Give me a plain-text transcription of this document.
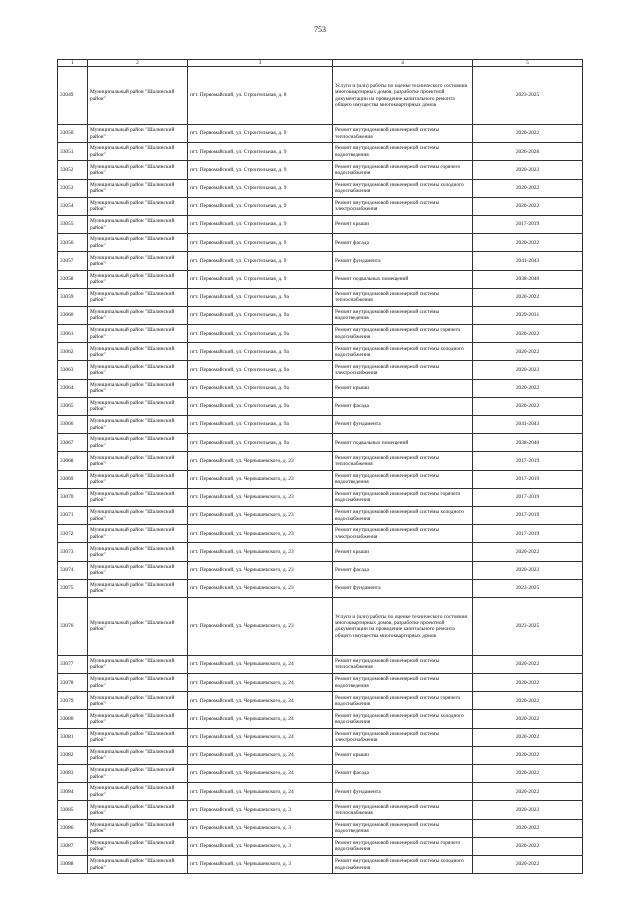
753
1	2	3	4	5
33049	Муниципальный район "Шалинский район"	пгт. Первомайский, ул. Строительная, д. 8	Услуги и (или) работы по оценке технического состояния многоквартирных домов, разработке проектной документации на проведение капитального ремонта общего имущества многоквартирных домов	2023-2025
33050	Муниципальный район "Шалинский район"	пгт. Первомайский, ул. Строительная, д. 9	Ремонт внутридомовой инженерной системы теплоснабжения	2020-2022
33051	Муниципальный район "Шалинский район"	пгт. Первомайский, ул. Строительная, д. 9	Ремонт внутридомовой инженерной системы водоотведения	2026-2028
33052	Муниципальный район "Шалинский район"	пгт. Первомайский, ул. Строительная, д. 9	Ремонт внутридомовой инженерной системы горячего водоснабжения	2020-2022
33053	Муниципальный район "Шалинский район"	пгт. Первомайский, ул. Строительная, д. 9	Ремонт внутридомовой инженерной системы холодного водоснабжения	2020-2022
33054	Муниципальный район "Шалинский район"	пгт. Первомайский, ул. Строительная, д. 9	Ремонт внутридомовой инженерной системы электроснабжения	2020-2022
33055	Муниципальный район "Шалинский район"	пгт. Первомайский, ул. Строительная, д. 9	Ремонт крыши	2017-2019
33056	Муниципальный район "Шалинский район"	пгт. Первомайский, ул. Строительная, д. 9	Ремонт фасада	2020-2022
33057	Муниципальный район "Шалинский район"	пгт. Первомайский, ул. Строительная, д. 9	Ремонт фундамента	2041-2043
33058	Муниципальный район "Шалинский район"	пгт. Первомайский, ул. Строительная, д. 9	Ремонт подвальных помещений	2038-2040
33059	Муниципальный район "Шалинский район"	пгт. Первомайский, ул. Строительная, д. 9а	Ремонт внутридомовой инженерной системы теплоснабжения	2020-2022
33060	Муниципальный район "Шалинский район"	пгт. Первомайский, ул. Строительная, д. 9а	Ремонт внутридомовой инженерной системы водоотведения	2029-2031
33061	Муниципальный район "Шалинский район"	пгт. Первомайский, ул. Строительная, д. 9а	Ремонт внутридомовой инженерной системы горячего водоснабжения	2020-2022
33062	Муниципальный район "Шалинский район"	пгт. Первомайский, ул. Строительная, д. 9а	Ремонт внутридомовой инженерной системы холодного водоснабжения	2020-2022
33063	Муниципальный район "Шалинский район"	пгт. Первомайский, ул. Строительная, д. 9а	Ремонт внутридомовой инженерной системы электроснабжения	2020-2022
33064	Муниципальный район "Шалинский район"	пгт. Первомайский, ул. Строительная, д. 9а	Ремонт крыши	2020-2022
33065	Муниципальный район "Шалинский район"	пгт. Первомайский, ул. Строительная, д. 9а	Ремонт фасада	2020-2022
33066	Муниципальный район "Шалинский район"	пгт. Первомайский, ул. Строительная, д. 9а	Ремонт фундамента	2041-2043
33067	Муниципальный район "Шалинский район"	пгт. Первомайский, ул. Строительная, д. 9а	Ремонт подвальных помещений	2038-2040
33068	Муниципальный район "Шалинский район"	пгт. Первомайский, ул. Чернышевского, д. 23	Ремонт внутридомовой инженерной системы теплоснабжения	2017-2019
33069	Муниципальный район "Шалинский район"	пгт. Первомайский, ул. Чернышевского, д. 23	Ремонт внутридомовой инженерной системы водоотведения	2017-2019
33070	Муниципальный район "Шалинский район"	пгт. Первомайский, ул. Чернышевского, д. 23	Ремонт внутридомовой инженерной системы горячего водоснабжения	2017-2019
33071	Муниципальный район "Шалинский район"	пгт. Первомайский, ул. Чернышевского, д. 23	Ремонт внутридомовой инженерной системы холодного водоснабжения	2017-2019
33072	Муниципальный район "Шалинский район"	пгт. Первомайский, ул. Чернышевского, д. 23	Ремонт внутридомовой инженерной системы электроснабжения	2017-2019
33073	Муниципальный район "Шалинский район"	пгт. Первомайский, ул. Чернышевского, д. 23	Ремонт крыши	2020-2022
33074	Муниципальный район "Шалинский район"	пгт. Первомайский, ул. Чернышевского, д. 23	Ремонт фасада	2020-2022
33075	Муниципальный район "Шалинский район"	пгт. Первомайский, ул. Чернышевского, д. 23	Ремонт фундамента	2023-2025
33076	Муниципальный район "Шалинский район"	пгт. Первомайский, ул. Чернышевского, д. 23	Услуги и (или) работы по оценке технического состояния многоквартирных домов, разработке проектной документации на проведение капитального ремонта общего имущества многоквартирных домов	2023-2025
33077	Муниципальный район "Шалинский район"	пгт. Первомайский, ул. Чернышевского, д. 24	Ремонт внутридомовой инженерной системы теплоснабжения	2020-2022
33078	Муниципальный район "Шалинский район"	пгт. Первомайский, ул. Чернышевского, д. 24	Ремонт внутридомовой инженерной системы водоотведения	2020-2022
33079	Муниципальный район "Шалинский район"	пгт. Первомайский, ул. Чернышевского, д. 24	Ремонт внутридомовой инженерной системы горячего водоснабжения	2020-2022
33080	Муниципальный район "Шалинский район"	пгт. Первомайский, ул. Чернышевского, д. 24	Ремонт внутридомовой инженерной системы холодного водоснабжения	2020-2022
33081	Муниципальный район "Шалинский район"	пгт. Первомайский, ул. Чернышевского, д. 24	Ремонт внутридомовой инженерной системы электроснабжения	2020-2022
33082	Муниципальный район "Шалинский район"	пгт. Первомайский, ул. Чернышевского, д. 24	Ремонт крыши	2020-2022
33083	Муниципальный район "Шалинский район"	пгт. Первомайский, ул. Чернышевского, д. 24	Ремонт фасада	2020-2022
33084	Муниципальный район "Шалинский район"	пгт. Первомайский, ул. Чернышевского, д. 24	Ремонт фундамента	2020-2022
33085	Муниципальный район "Шалинский район"	пгт. Первомайский, ул. Чернышевского, д. 3	Ремонт внутридомовой инженерной системы теплоснабжения	2020-2022
33086	Муниципальный район "Шалинский район"	пгт. Первомайский, ул. Чернышевского, д. 3	Ремонт внутридомовой инженерной системы водоотведения	2020-2022
33087	Муниципальный район "Шалинский район"	пгт. Первомайский, ул. Чернышевского, д. 3	Ремонт внутридомовой инженерной системы горячего водоснабжения	2020-2022
33088	Муниципальный район "Шалинский район"	пгт. Первомайский, ул. Чернышевского, д. 3	Ремонт внутридомовой инженерной системы холодного водоснабжения	2020-2022
